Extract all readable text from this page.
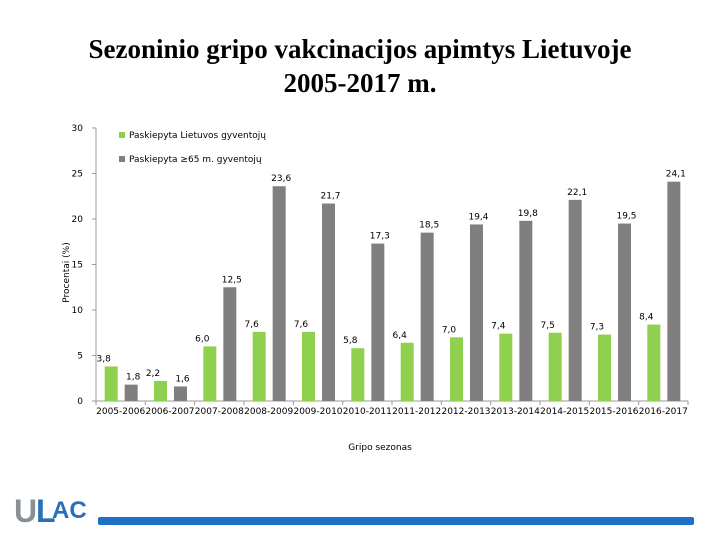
Sezoninio gripo vakcinacijos apimtys Lietuvoje
2005-2017 m.
0
5
10
15
20
25
30
2005-2006 2006-2007 2007-2008 2008-2009 2009-2010 2010-2011 2011-2012 2012-2013 2013-2014 2014-2015 2015-2016 2016-2017
3,8
2,2
6,0
7,6	7,6
5,8
6,4
7,0	7,4	7,5	7,3
8,4
1,8	1,6
12,5
23,6
21,7
17,3
18,5
19,4	19,8
22,1
19,5
24,1
Procentai (%)
Gripo sezonas
Paskiepyta Lietuvos gyventojų
Paskiepyta ≥65 m. gyventojų
U
L
AC
